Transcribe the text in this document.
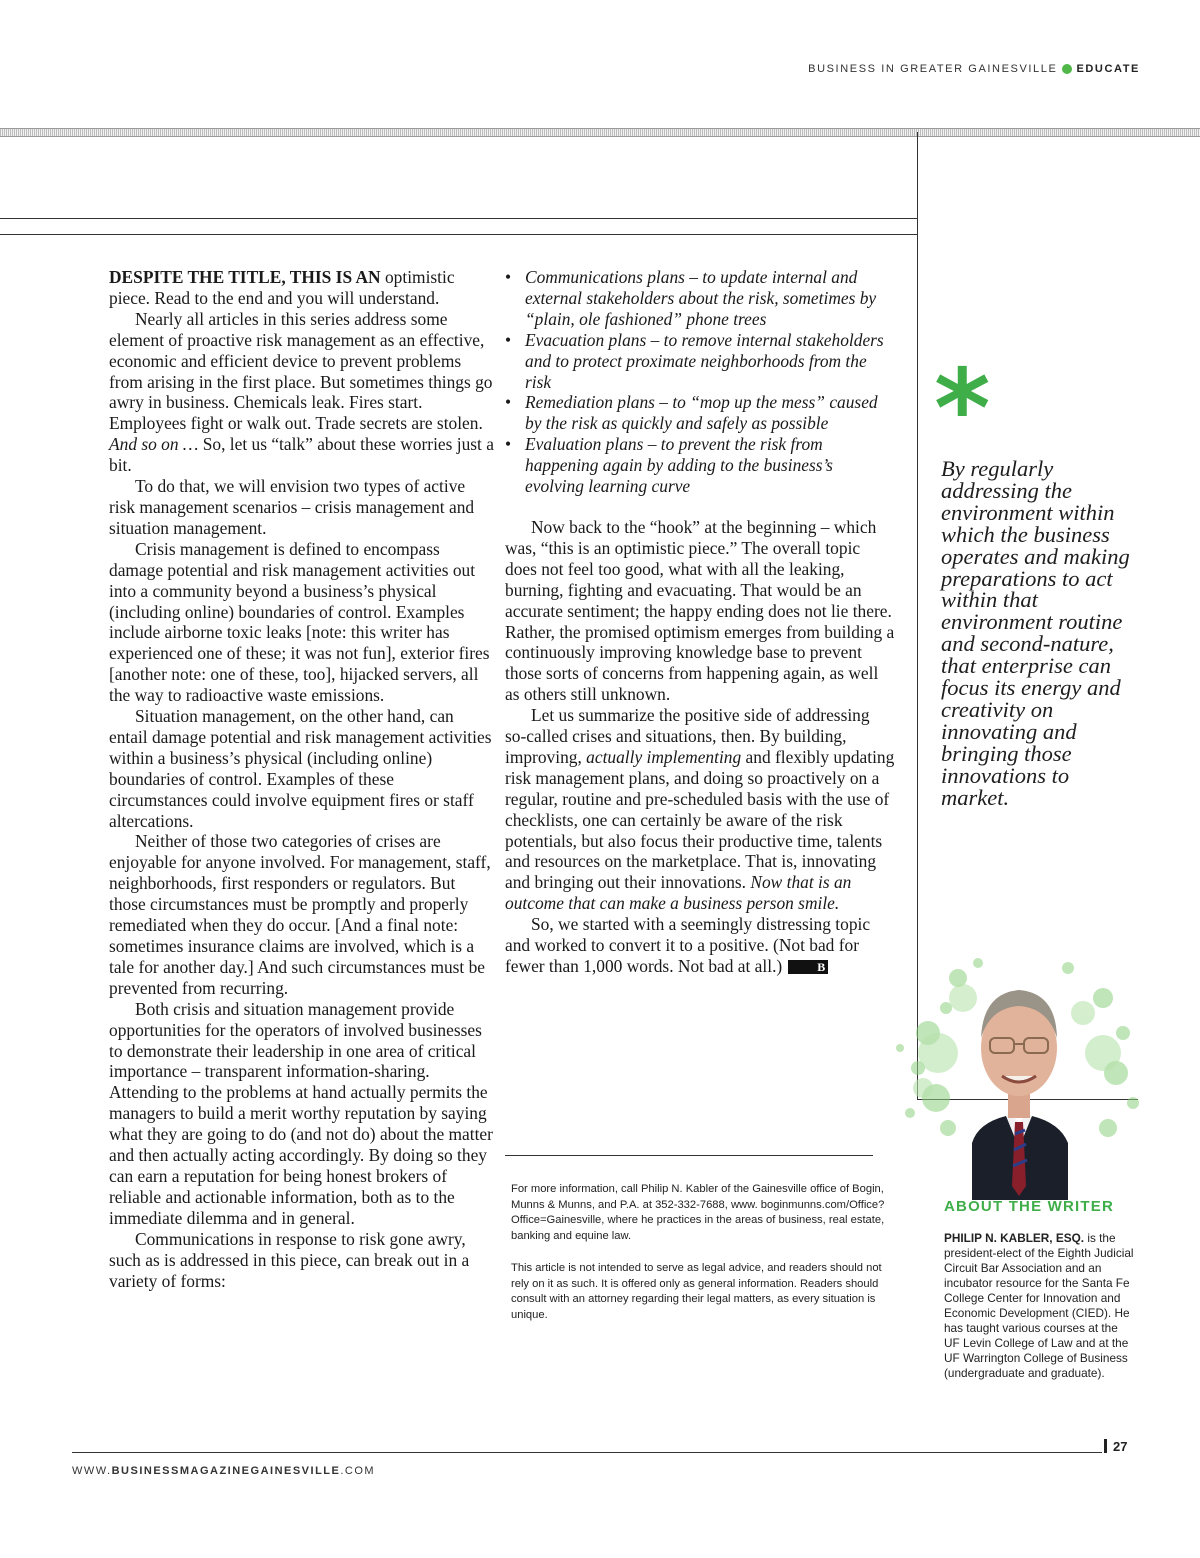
BUSINESS IN GREATER GAINESVILLE EDUCATE

DESPITE THE TITLE, THIS IS AN optimistic piece. Read to the end and you will understand.

Nearly all articles in this series address some element of proactive risk management as an effective, economic and efficient device to prevent problems from arising in the first place. But sometimes things go awry in business. Chemicals leak. Fires start. Employees fight or walk out. Trade secrets are stolen. And so on … So, let us “talk” about these worries just a bit.

To do that, we will envision two types of active risk management scenarios – crisis management and situation management.

Crisis management is defined to encompass damage potential and risk management activities out into a community beyond a business’s physical (including online) boundaries of control. Examples include airborne toxic leaks [note: this writer has experienced one of these; it was not fun], exterior fires [another note: one of these, too], hijacked servers, all the way to radioactive waste emissions.

Situation management, on the other hand, can entail damage potential and risk management activities within a business’s physical (including online) boundaries of control. Examples of these circumstances could involve equipment fires or staff altercations.

Neither of those two categories of crises are enjoyable for anyone involved. For management, staff, neighborhoods, first responders or regulators. But those circumstances must be promptly and properly remediated when they do occur. [And a final note: sometimes insurance claims are involved, which is a tale for another day.] And such circumstances must be prevented from recurring.

Both crisis and situation management provide opportunities for the operators of involved businesses to demonstrate their leadership in one area of critical importance – transparent information-sharing. Attending to the problems at hand actually permits the managers to build a merit worthy reputation by saying what they are going to do (and not do) about the matter and then actually acting accordingly. By doing so they can earn a reputation for being honest brokers of reliable and actionable information, both as to the immediate dilemma and in general.

Communications in response to risk gone awry, such as is addressed in this piece, can break out in a variety of forms:

• Communications plans – to update internal and external stakeholders about the risk, sometimes by “plain, ole fashioned” phone trees
• Evacuation plans – to remove internal stakeholders and to protect proximate neighborhoods from the risk
• Remediation plans – to “mop up the mess” caused by the risk as quickly and safely as possible
• Evaluation plans – to prevent the risk from happening again by adding to the business’s evolving learning curve

Now back to the “hook” at the beginning – which was, “this is an optimistic piece.” The overall topic does not feel too good, what with all the leaking, burning, fighting and evacuating. That would be an accurate sentiment; the happy ending does not lie there. Rather, the promised optimism emerges from building a continuously improving knowledge base to prevent those sorts of concerns from happening again, as well as others still unknown.

Let us summarize the positive side of addressing so-called crises and situations, then. By building, improving, actually implementing and flexibly updating risk management plans, and doing so proactively on a regular, routine and pre-scheduled basis with the use of checklists, one can certainly be aware of the risk potentials, but also focus their productive time, talents and resources on the marketplace. That is, innovating and bringing out their innovations. Now that is an outcome that can make a business person smile.

So, we started with a seemingly distressing topic and worked to convert it to a positive. (Not bad for fewer than 1,000 words. Not bad at all.)	B

For more information, call Philip N. Kabler of the Gainesville office of Bogin, Munns & Munns, and P.A. at 352-332-7688, www. boginmunns.com/Office?Office=Gainesville, where he practices in the areas of business, real estate, banking and equine law.
This article is not intended to serve as legal advice, and readers should not rely on it as such. It is offered only as general information. Readers should consult with an attorney regarding their legal matters, as every situation is unique.
*
By regularly addressing the environment within which the business operates and making preparations to act within that environment routine and second-nature, that enterprise can focus its energy and creativity on innovating and bringing those innovations to market.
ABOUT THE WRITER
PHILIP N. KABLER, ESQ. is the president-elect of the Eighth Judicial Circuit Bar Association and an incubator resource for the Santa Fe College Center for Innovation and Economic Development (CIED). He has taught various courses at the UF Levin College of Law and at the UF Warrington College of Business (undergraduate and graduate).
WWW.BUSINESSMAGAZINEGAINESVILLE.COM
27
